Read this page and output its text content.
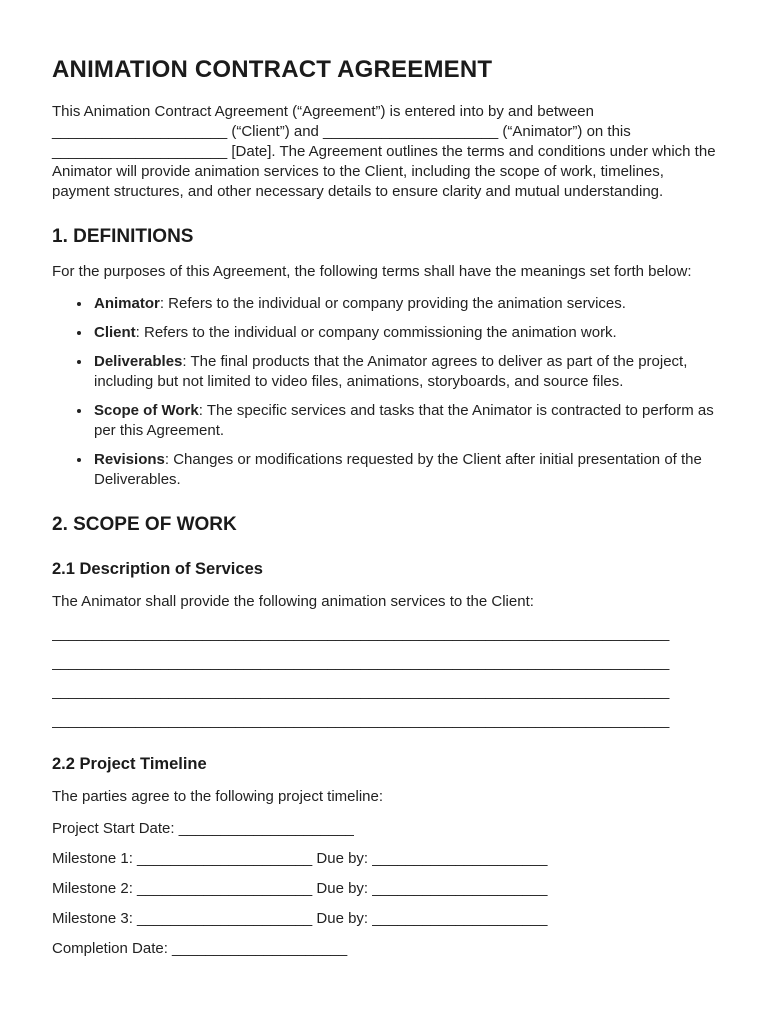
ANIMATION CONTRACT AGREEMENT

This Animation Contract Agreement (“Agreement”) is entered into by and between _____________________ (“Client”) and _____________________ (“Animator”) on this _____________________ [Date]. The Agreement outlines the terms and conditions under which the Animator will provide animation services to the Client, including the scope of work, timelines, payment structures, and other necessary details to ensure clarity and mutual understanding.

1. DEFINITIONS

For the purposes of this Agreement, the following terms shall have the meanings set forth below:

• Animator: Refers to the individual or company providing the animation services.
• Client: Refers to the individual or company commissioning the animation work.
• Deliverables: The final products that the Animator agrees to deliver as part of the project, including but not limited to video files, animations, storyboards, and source files.
• Scope of Work: The specific services and tasks that the Animator is contracted to perform as per this Agreement.
• Revisions: Changes or modifications requested by the Client after initial presentation of the Deliverables.
2. SCOPE OF WORK
2.1 Description of Services

The Animator shall provide the following animation services to the Client:

__________________________________________________________________________
__________________________________________________________________________
__________________________________________________________________________
__________________________________________________________________________
2.2 Project Timeline

The parties agree to the following project timeline:

Project Start Date: _____________________

Milestone 1: _____________________ Due by: _____________________

Milestone 2: _____________________ Due by: _____________________

Milestone 3: _____________________ Due by: _____________________

Completion Date: _____________________
